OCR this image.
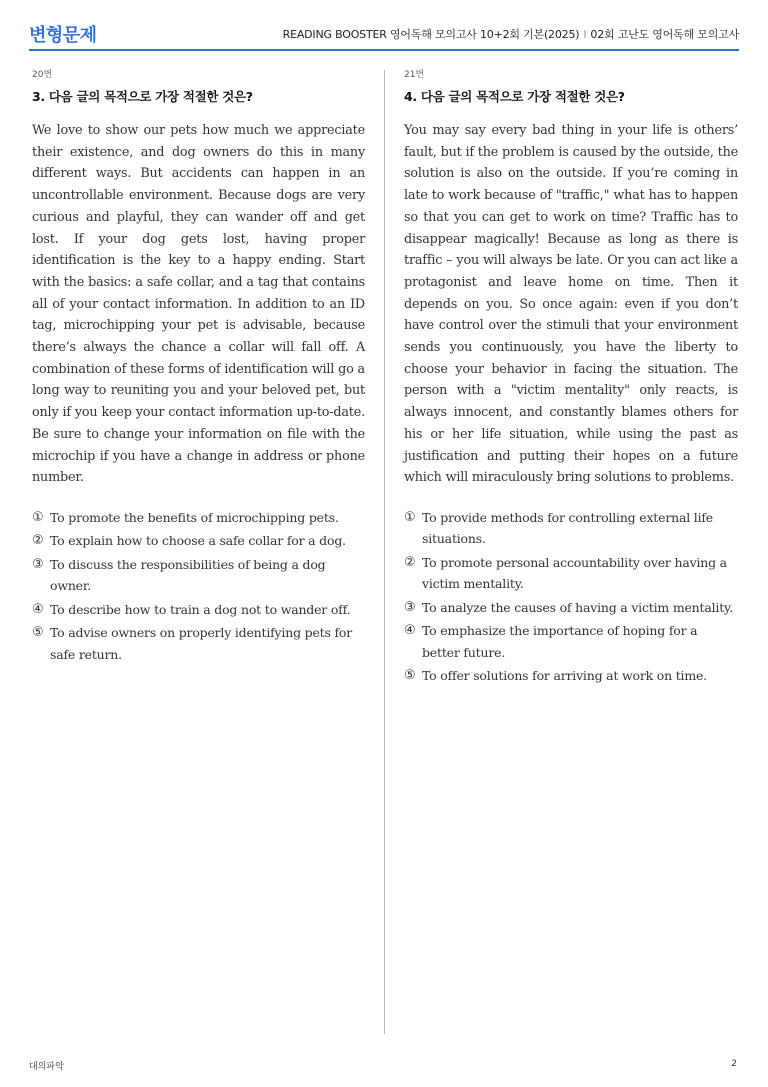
변형문제	READING BOOSTER 영어독해 모의고사 10+2회 기본(2025) I 02회 고난도 영어독해 모의고사
20번
3. 다음 글의 목적으로 가장 적절한 것은?

We love to show our pets how much we appreciate their existence, and dog owners do this in many different ways. But accidents can happen in an uncontrollable environment. Because dogs are very curious and playful, they can wander off and get lost. If your dog gets lost, having proper identification is the key to a happy ending. Start with the basics: a safe collar, and a tag that contains all of your contact information. In addition to an ID tag, microchipping your pet is advisable, because there’s always the chance a collar will fall off. A combination of these forms of identification will go a long way to reuniting you and your beloved pet, but only if you keep your contact information up-to-date. Be sure to change your information on file with the microchip if you have a change in address or phone number.

① To promote the benefits of microchipping pets.
② To explain how to choose a safe collar for a dog.
③ To discuss the responsibilities of being a dog owner.
④ To describe how to train a dog not to wander off.
⑤ To advise owners on properly identifying pets for safe return.
21번
4. 다음 글의 목적으로 가장 적절한 것은?

You may say every bad thing in your life is others’ fault, but if the problem is caused by the outside, the solution is also on the outside. If you’re coming in late to work because of "traffic," what has to happen so that you can get to work on time? Traffic has to disappear magically! Because as long as there is traffic – you will always be late. Or you can act like a protagonist and leave home on time. Then it depends on you. So once again: even if you don’t have control over the stimuli that your environment sends you continuously, you have the liberty to choose your behavior in facing the situation. The person with a "victim mentality" only reacts, is always innocent, and constantly blames others for his or her life situation, while using the past as justification and putting their hopes on a future which will miraculously bring solutions to problems.

① To provide methods for controlling external life situations.
② To promote personal accountability over having a victim mentality.
③ To analyze the causes of having a victim mentality.
④ To emphasize the importance of hoping for a better future.
⑤ To offer solutions for arriving at work on time.
대의파악	2
